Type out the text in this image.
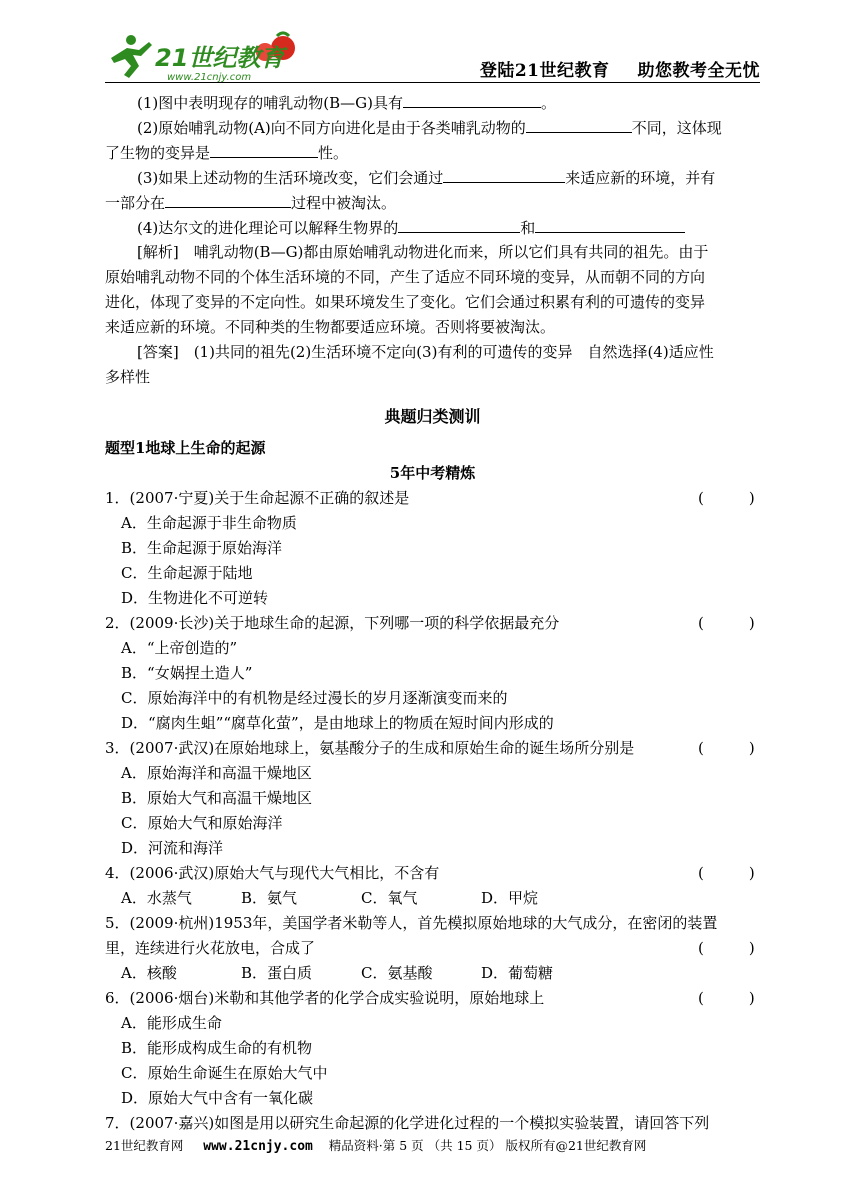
21世纪教育
www.21cnjy.com	登陆21世纪教育 助您教考全无忧
(1)图中表明现存的哺乳动物(B—G)具有	。
(2)原始哺乳动物(A)向不同方向进化是由于各类哺乳动物的	不同，这体现
了生物的变异是	性。
(3)如果上述动物的生活环境改变，它们会通过	来适应新的环境，并有
一部分在	过程中被淘汰。
(4)达尔文的进化理论可以解释生物界的	和
[解析]　哺乳动物(B—G)都由原始哺乳动物进化而来，所以它们具有共同的祖先。由于
原始哺乳动物不同的个体生活环境的不同，产生了适应不同环境的变异，从而朝不同的方向
进化，体现了变异的不定向性。如果环境发生了变化。它们会通过积累有利的可遗传的变异
来适应新的环境。不同种类的生物都要适应环境。否则将要被淘汰。
[答案]　(1)共同的祖先(2)生活环境不定向(3)有利的可遗传的变异　自然选择(4)适应性
多样性
典题归类测训
题型1地球上生命的起源
5年中考精炼
1．(2007·宁夏)关于生命起源不正确的叙述是	(　　　)
A．生命起源于非生命物质
B．生命起源于原始海洋
C．生命起源于陆地
D．生物进化不可逆转
2．(2009·长沙)关于地球生命的起源，下列哪一项的科学依据最充分	(　　　)
A．“上帝创造的”
B．“女娲捏土造人”
C．原始海洋中的有机物是经过漫长的岁月逐渐演变而来的
D．“腐肉生蛆”“腐草化萤”，是由地球上的物质在短时间内形成的
3．(2007·武汉)在原始地球上，氨基酸分子的生成和原始生命的诞生场所分别是	(　　　)
A．原始海洋和高温干燥地区
B．原始大气和高温干燥地区
C．原始大气和原始海洋
D．河流和海洋
4．(2006·武汉)原始大气与现代大气相比，不含有	(　　　)
A．水蒸气	B．氨气	C．氧气	D．甲烷
5．(2009·杭州)1953年，美国学者米勒等人，首先模拟原始地球的大气成分，在密闭的装置
里，连续进行火花放电，合成了	(　　　)
A．核酸	B．蛋白质	C．氨基酸	D．葡萄糖
6．(2006·烟台)米勒和其他学者的化学合成实验说明，原始地球上	(　　　)
A．能形成生命
B．能形成构成生命的有机物
C．原始生命诞生在原始大气中
D．原始大气中含有一氧化碳
7．(2007·嘉兴)如图是用以研究生命起源的化学进化过程的一个模拟实验装置，请回答下列
21世纪教育网 www.21cnjy.com 精品资料·第 5 页 （共 15 页） 版权所有@21世纪教育网
